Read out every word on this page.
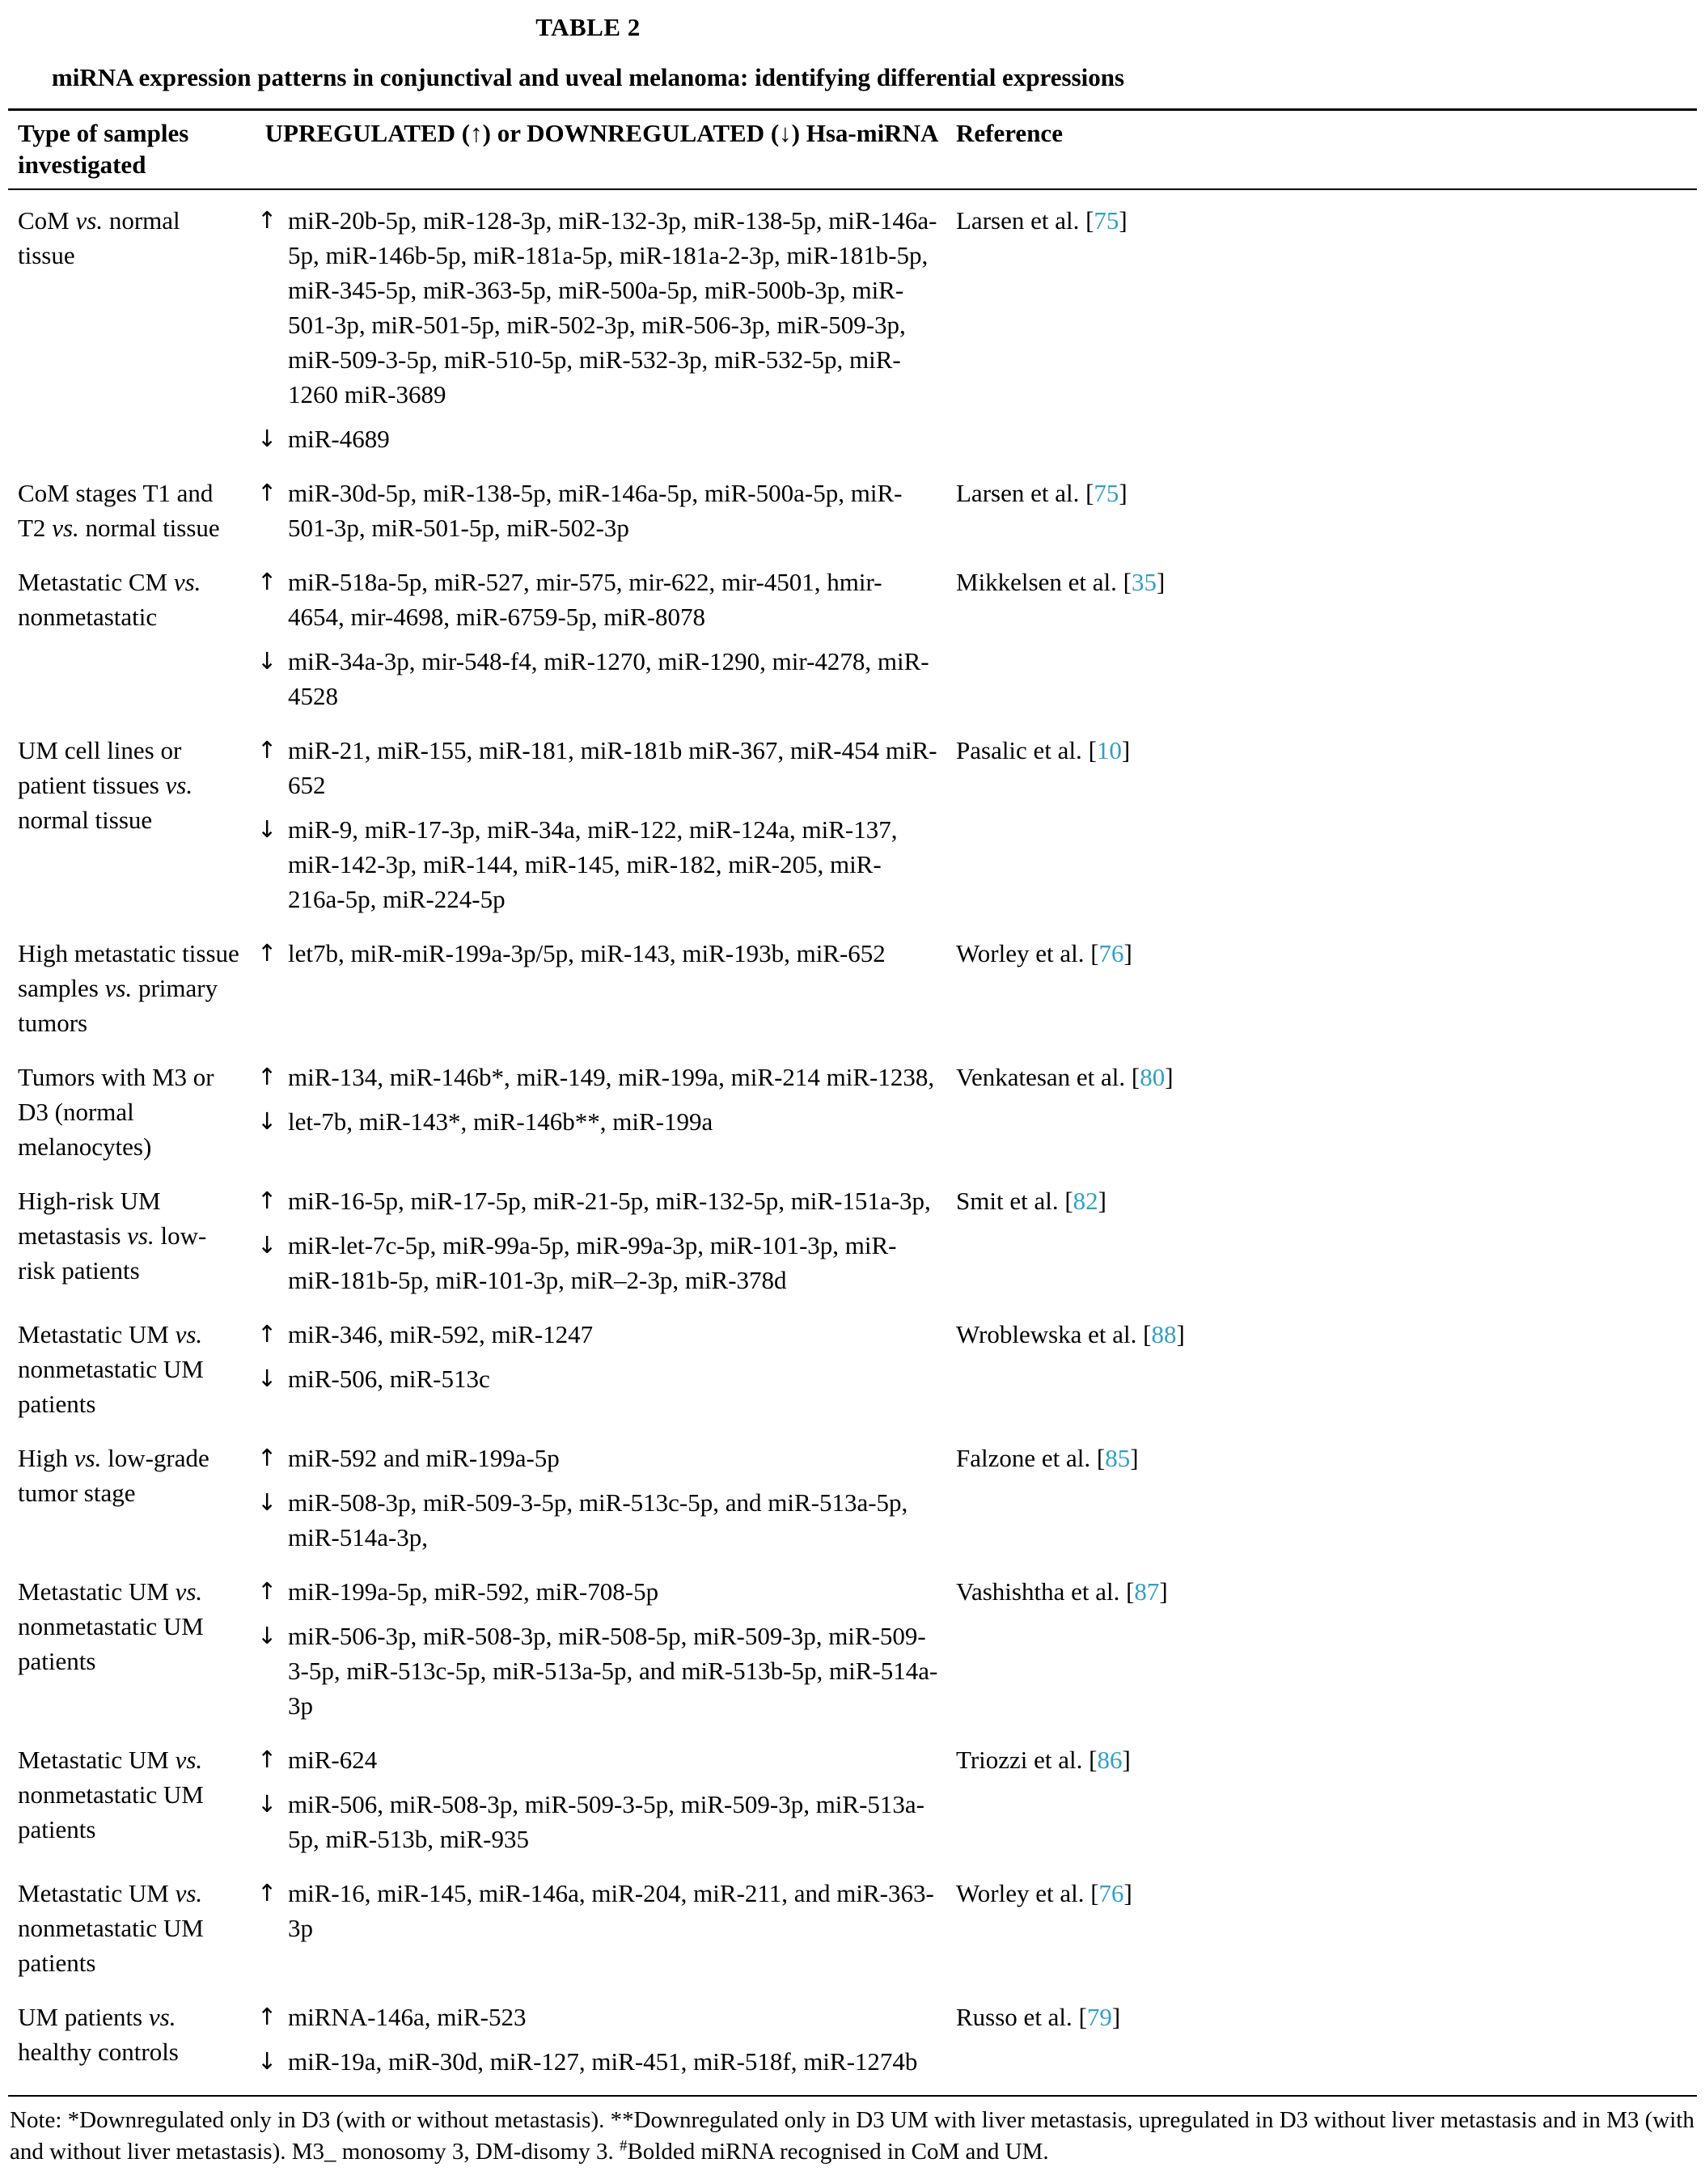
TABLE 2
miRNA expression patterns in conjunctival and uveal melanoma: identifying differential expressions
Type of samples investigated
UPREGULATED (↑) or DOWNREGULATED (↓) Hsa-miRNA Reference
CoM vs. normal tissue
↑ miR-20b-5p, miR-128-3p, miR-132-3p, miR-138-5p, miR-146a-5p, miR-146b-5p, miR-181a-5p, miR-181a-2-3p, miR-181b-5p, miR-345-5p, miR-363-5p, miR-500a-5p, miR-500b-3p, miR-501-3p, miR-501-5p, miR-502-3p, miR-506-3p, miR-509-3p, miR-509-3-5p, miR-510-5p, miR-532-3p, miR-532-5p, miR-1260 miR-3689
↓ miR-4689
Larsen et al. [75]
CoM stages T1 and T2 vs. normal tissue
↑ miR-30d-5p, miR-138-5p, miR-146a-5p, miR-500a-5p, miR-501-3p, miR-501-5p, miR-502-3p
Larsen et al. [75]
Metastatic CM vs. nonmetastatic
↑ miR-518a-5p, miR-527, mir-575, mir-622, mir-4501, hmir-4654, mir-4698, miR-6759-5p, miR-8078
↓ miR-34a-3p, mir-548-f4, miR-1270, miR-1290, mir-4278, miR-4528
Mikkelsen et al. [35]
UM cell lines or patient tissues vs. normal tissue
↑ miR-21, miR-155, miR-181, miR-181b miR-367, miR-454 miR-652
↓ miR-9, miR-17-3p, miR-34a, miR-122, miR-124a, miR-137, miR-142-3p, miR-144, miR-145, miR-182, miR-205, miR-216a-5p, miR-224-5p
Pasalic et al. [10]
High metastatic tissue samples vs. primary tumors
↑ let7b, miR-miR-199a-3p/5p, miR-143, miR-193b, miR-652	Worley et al. [76]
Tumors with M3 or D3 (normal melanocytes)
↑ miR-134, miR-146b*, miR-149, miR-199a, miR-214 miR-1238,
↓ let-7b, miR-143*, miR-146b**, miR-199a
Venkatesan et al. [80]
High-risk UM metastasis vs. low-risk patients
↑ miR-16-5p, miR-17-5p, miR-21-5p, miR-132-5p, miR-151a-3p,
↓ miR-let-7c-5p, miR-99a-5p, miR-99a-3p, miR-101-3p, miR-miR-181b-5p, miR-101-3p, miR–2-3p, miR-378d
Smit et al. [82]
Metastatic UM vs. nonmetastatic UM patients
↑ miR-346, miR-592, miR-1247
↓ miR-506, miR-513c
Wroblewska et al. [88]
High vs. low-grade tumor stage
↑ miR-592 and miR-199a-5p
↓ miR-508-3p, miR-509-3-5p, miR-513c-5p, and miR-513a-5p, miR-514a-3p,
Falzone et al. [85]
Metastatic UM vs. nonmetastatic UM patients
↑ miR-199a-5p, miR-592, miR-708-5p
↓ miR-506-3p, miR-508-3p, miR-508-5p, miR-509-3p, miR-509-3-5p, miR-513c-5p, miR-513a-5p, and miR-513b-5p, miR-514a-3p
Vashishtha et al. [87]
Metastatic UM vs. nonmetastatic UM patients
↑ miR-624
↓ miR-506, miR-508-3p, miR-509-3-5p, miR-509-3p, miR-513a-5p, miR-513b, miR-935
Triozzi et al. [86]
Metastatic UM vs. nonmetastatic UM patients
↑ miR-16, miR-145, miR-146a, miR-204, miR-211, and miR-363-3p
Worley et al. [76]
UM patients vs. healthy controls
↑ miRNA-146a, miR-523
↓ miR-19a, miR-30d, miR-127, miR-451, miR-518f, miR-1274b
Russo et al. [79]
Note: *Downregulated only in D3 (with or without metastasis). **Downregulated only in D3 UM with liver metastasis, upregulated in D3 without liver metastasis and in M3 (with and without liver metastasis). M3_ monosomy 3, DM-disomy 3. #Bolded miRNA recognised in CoM and UM.
